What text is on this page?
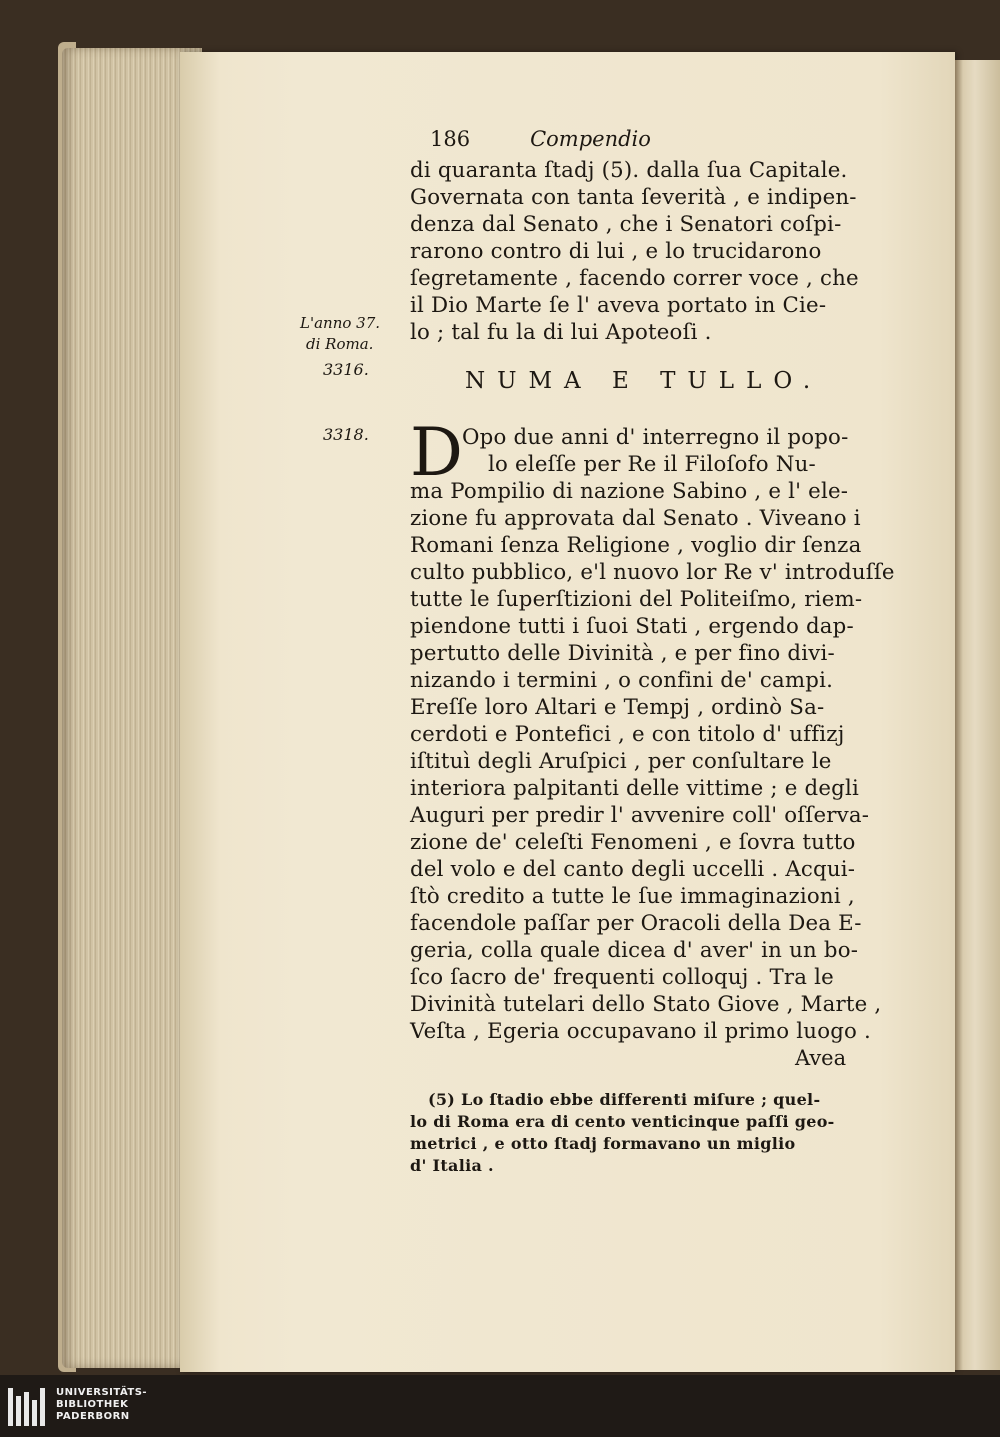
186	Compendio
di quaranta ſtadj (5). dalla ſua Capitale.
Governata con tanta ſeverità , e indipen-
denza dal Senato , che i Senatori coſpi-
rarono contro di lui , e lo trucidarono
ſegretamente , facendo correr voce , che
il Dio Marte ſe l' aveva portato in Cie-
lo ; tal fu la di lui Apoteoſi .
L'anno 37.
di Roma.
3316.
3318.
NUMA E TULLO.
D Opo due anni d' interregno il popo-
lo eleſſe per Re il Filoſofo Nu-
ma Pompilio di nazione Sabino , e l' ele-
zione fu approvata dal Senato . Viveano i
Romani ſenza Religione , voglio dir ſenza
culto pubblico, e'l nuovo lor Re v' introduſſe
tutte le ſuperſtizioni del Politeiſmo, riem-
piendone tutti i ſuoi Stati , ergendo dap-
pertutto delle Divinità , e per fino divi-
nizando i termini , o confini de' campi.
Ereſſe loro Altari e Tempj , ordinò Sa-
cerdoti e Pontefici , e con titolo d' uffizj
iſtituì degli Aruſpici , per conſultare le
interiora palpitanti delle vittime ; e degli
Auguri per predir l' avvenire coll' oſſerva-
zione de' celeſti Fenomeni , e ſovra tutto
del volo e del canto degli uccelli . Acqui-
ſtò credito a tutte le ſue immaginazioni ,
facendole paſſar per Oracoli della Dea E-
geria, colla quale dicea d' aver' in un bo-
ſco ſacro de' frequenti colloquj . Tra le
Divinità tutelari dello Stato Giove , Marte ,
Veſta , Egeria occupavano il primo luogo .
Avea
(5) Lo ſtadio ebbe differenti miſure ; quel-
lo di Roma era di cento venticinque paſſi geo-
metrici , e otto ſtadj formavano un miglio
d' Italia .
UNIVERSITÄTS-
BIBLIOTHEK
PADERBORN
